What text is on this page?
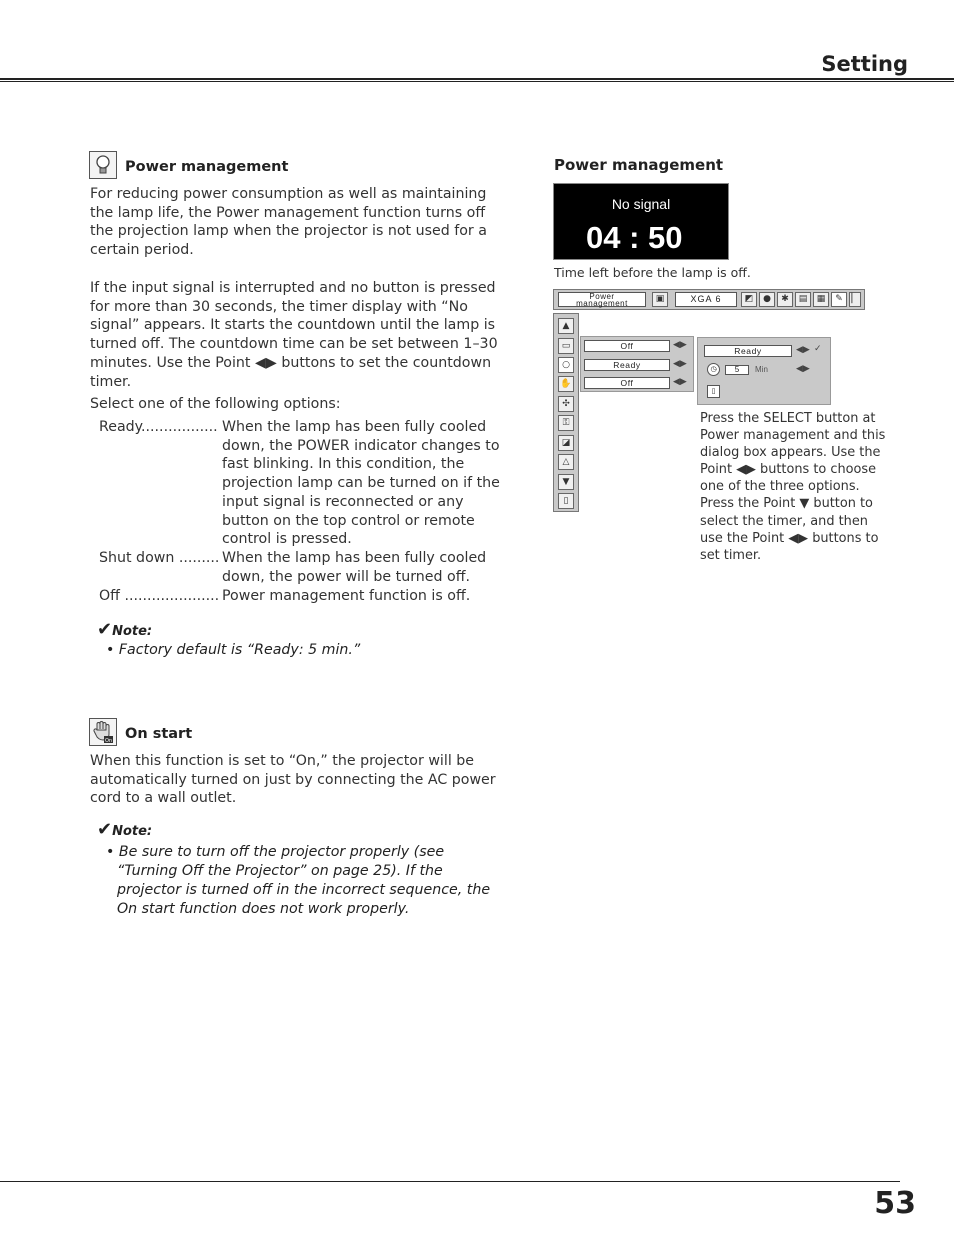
Setting
Power management
For reducing power consumption as well as maintaining the lamp life, the Power management function turns off the projection lamp when the projector is not used for a certain period.
If the input signal is interrupted and no button is pressed for more than 30 seconds, the timer display with “No signal” appears. It starts the countdown until the lamp is turned off. The countdown time can be set between 1–30 minutes. Use the Point ◀▶ buttons to set the countdown timer.
Select one of the following options:
Ready................. When the lamp has been fully cooled down, the POWER indicator changes to fast blinking. In this condition, the projection lamp can be turned on if the input signal is reconnected or any button on the top control or remote control is pressed.
Shut down ......... When the lamp has been fully cooled down, the power will be turned off.
Off ..................... Power management function is off.
✔Note:
• Factory default is “Ready: 5 min.”
On On start
When this function is set to “On,” the projector will be automatically turned on just by connecting the AC power cord to a wall outlet.
✔Note:
• Be sure to turn off the projector properly (see
“Turning Off the Projector” on page 25). If the
projector is turned off in the incorrect sequence, the
On start function does not work properly.
Power management
No signal
04 : 50
Time left before the lamp is off.
Power
management	▣	XGA 6	◩	●	✱	▤	▦	✎ ▏
▲
▭
○
✋
✣
⚿
◪
△
▼
▯
Off	◀▶
Ready	◀▶
Off	◀▶
Ready	◀▶ ✓
◷	5	Min	◀▶
▯
Press the SELECT button at Power management and this dialog box appears. Use the Point ◀▶ buttons to choose one of the three options. Press the Point ▼ button to select the timer, and then use the Point ◀▶ buttons to set timer.
53
